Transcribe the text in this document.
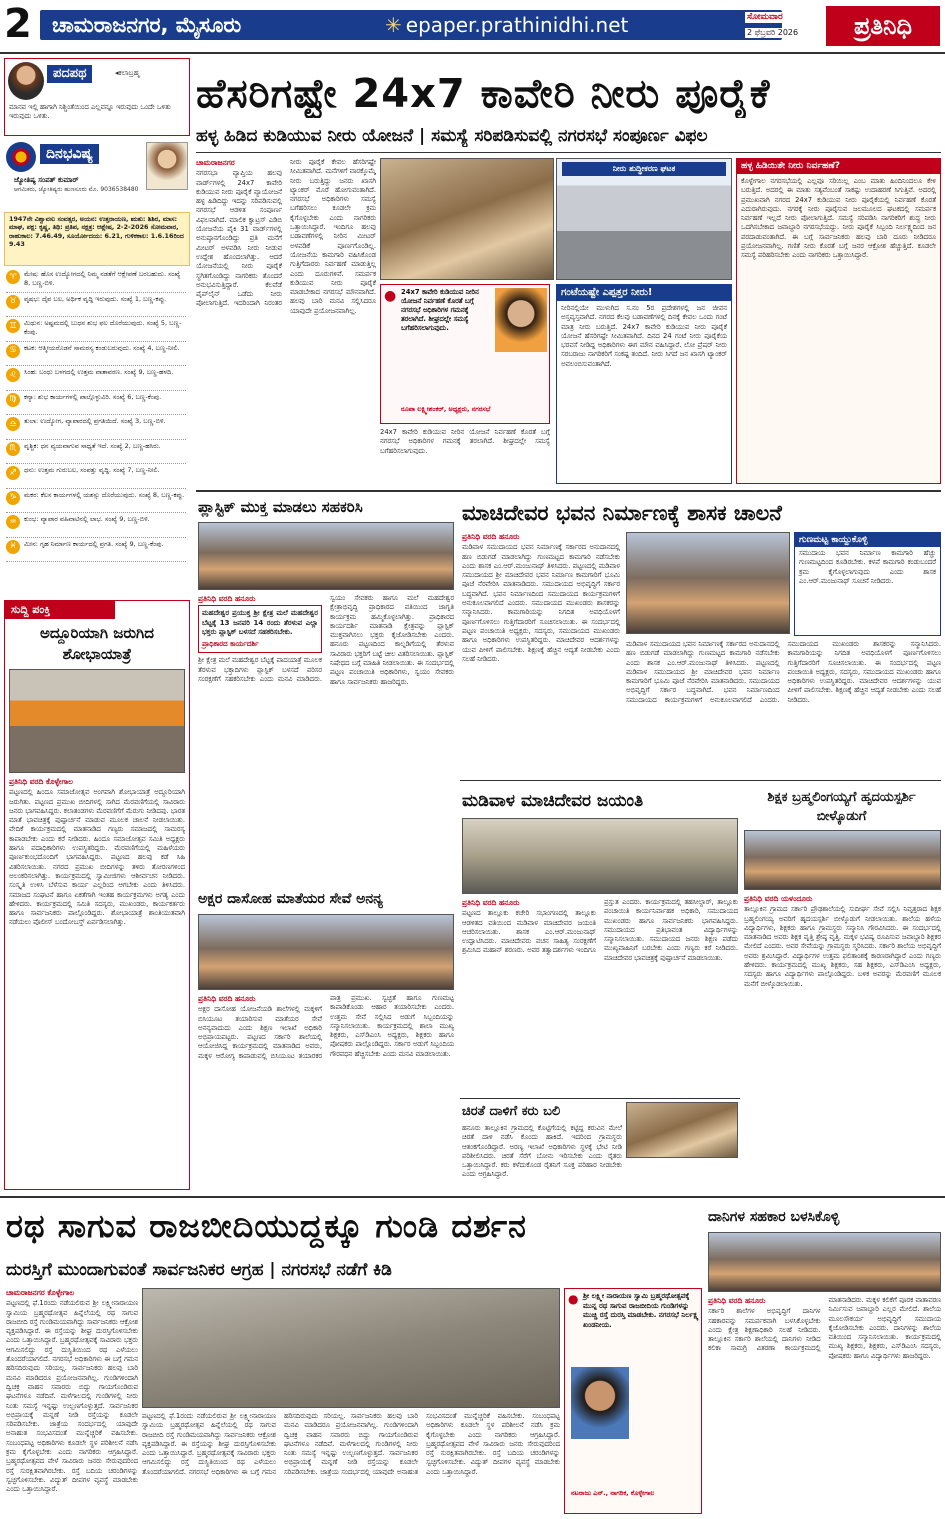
2 ಚಾಮರಾಜನಗರ, ಮೈಸೂರು	✳ epaper.prathinidhi.net	ಸೋಮವಾರ
2 ಫೆಬ್ರವರಿ 2026	ಪ್ರತಿನಿಧಿ
ಪದಪಥ	◂ಕಲಾಬ್ರಹ್ಮ
ಮಾನವ ಇಲ್ಲಿ ಹಾಗಾಗಿ ನಿಶ್ಚಿಂತೆಯಿಂದ ಎಲ್ಲವನ್ನೂ ಇರುವುದು ಒಂದೇ ಒಳಿತು ಇರುವುದು ಒಳಿತು.
ದಿನಭವಿಷ್ಯ
ಜ್ಯೋತಿಷ್ಯ ಸಂಪತ್ ಕುಮಾರ್
ಆಗಮಿಕರು, ಜ್ಯೋತಿಷ್ಯರು ಹುಣಸೂರು ಮೊ. 9036538480
1947ನೇ ವಿಶ್ವಾವಸು ಸಂವತ್ಸರ, ಅಯನ: ಉತ್ತರಾಯಣ, ಋತು: ಶಿಶಿರ, ಮಾಸ: ಮಾಘ, ಪಕ್ಷ: ಕೃಷ್ಣ, ತಿಥಿ: ಪ್ರತಿಪ, ನಕ್ಷತ್ರ: ಆಶ್ಲೇಷ, 2-2-2026 ಸೋಮವಾರ, ರಾಹುಕಾಲ: 7.46.49, ಸೂರ್ಯೋದಯ: 6.21, ಗುಳಿಕಕಾಲ: 1.6.16ರಿಂದ 9.43
♈	ಮೇಷ: ಹೊಸ ಉದ್ಯೋಗದಲ್ಲಿ ನಿಮ್ಮ ನಡತೆಗೆ ಆಕ್ಷೇಪಣೆ ಬರಬಹುದು. ಸಂಖ್ಯೆ 8, ಬಣ್ಣ-ಬಿಳಿ.
♉	ವೃಷಭ: ದೈವ ಬಲ, ಅರ್ಥಿಕ ವೃದ್ಧಿ ಇರುವುದು. ಸಂಖ್ಯೆ 1, ಬಣ್ಣ-ಕಪ್ಪು.
♊	ಮಿಥುನ: ಅಷ್ಟಮದಲ್ಲಿ ಬುಧನ ಶುಭ ಫಲ ದೊರೆಯುವುದು. ಸಂಖ್ಯೆ 5, ಬಣ್ಣ-ಕೆಂಪು.
♋	ಕಟಕ: ಆತ್ಮೀಯರೊಡನೆ ಸಾಮರಸ್ಯ ಕಂಡುಬರುವುದು. ಸಂಖ್ಯೆ 4, ಬಣ್ಣ-ನೀಲಿ.
♌	ಸಿಂಹ: ಬಂಧು ಬಳಗದಲ್ಲಿ ಉತ್ತಮ ವಾತಾವರಣ. ಸಂಖ್ಯೆ 9, ಬಣ್ಣ-ಹಳದಿ.
♍	ಕನ್ಯಾ: ಶುಭ ಕಾರ್ಯಗಳಲ್ಲಿ ಪಾಲ್ಗೊಳ್ಳುವಿರಿ. ಸಂಖ್ಯೆ 6, ಬಣ್ಣ-ಕೆಂಪು.
♎	ತುಲಾ: ಉದ್ಯೋಗ, ವ್ಯಾಪಾರದಲ್ಲಿ ಪ್ರಗತಿಯಿದೆ. ಸಂಖ್ಯೆ 3, ಬಣ್ಣ-ಬಿಳಿ.
♏	ವೃಶ್ಚಿಕ: ಧನ ವ್ಯಯವಾಗುವ ಸಾಧ್ಯತೆ ಇದೆ. ಸಂಖ್ಯೆ 2, ಬಣ್ಣ-ಹಸಿರು.
♐	ಧನು: ಉತ್ತಮ ಗುರುಬಲ, ಸಂಪತ್ತು ವೃದ್ಧಿ. ಸಂಖ್ಯೆ 7, ಬಣ್ಣ-ನೀಲಿ.
♑	ಮಕರ: ಕೆಲಸ ಕಾರ್ಯಗಳಲ್ಲಿ ಯಶಸ್ಸು ದೊರೆಯುವುದು. ಸಂಖ್ಯೆ 8, ಬಣ್ಣ-ಕಪ್ಪು.
♒	ಕುಂಭ: ವ್ಯಾಪಾರ ವಹಿವಾಟಿನಲ್ಲಿ ಲಾಭ. ಸಂಖ್ಯೆ 9, ಬಣ್ಣ-ಬಿಳಿ.
♓	ಮೀನ: ಗೃಹ ನಿರ್ಮಾಣ ಕಾರ್ಯದಲ್ಲಿ ಪ್ರಗತಿ. ಸಂಖ್ಯೆ 9, ಬಣ್ಣ-ಕೆಂಪು.
ಹೆಸರಿಗಷ್ಟೇ 24x7 ಕಾವೇರಿ ನೀರು ಪೂರೈಕೆ
ಹಳ್ಳ ಹಿಡಿದ ಕುಡಿಯುವ ನೀರು ಯೋಜನೆ | ಸಮಸ್ಯೆ ಸರಿಪಡಿಸುವಲ್ಲಿ ನಗರಸಭೆ ಸಂಪೂರ್ಣ ವಿಫಲ
ಚಾಮರಾಜನಗರ

ನಗರಸಭಾ ವ್ಯಾಪ್ತಿಯ ಹಲವು ವಾರ್ಡ್‌ಗಳಲ್ಲಿ 24x7 ಕಾವೇರಿ ಕುಡಿಯುವ ನೀರು ಪೂರೈಕೆ ವ್ಯಾಯೋಜನೆ ಹಳ್ಳ ಹಿಡಿದಿದ್ದು ಇದನ್ನು ಸರಿಪಡಿಸುವಲ್ಲಿ ನಗರಸಭೆ ಆಡಳಿತ ಸಂಪೂರ್ಣ ವಿಫಲವಾಗಿದೆ. ಮಾಲಿಕ ಕ್ವಾಟ್ರಸ್ ಎಡಿಬಿ ಯೋಜನೆಯ ಪೈಕಿ 31 ವಾರ್ಡ್‌ಗಳಲ್ಲಿ ಅನುಷ್ಠಾನಗೊಂಡಿದ್ದು ಪ್ರತಿ ಮನೆಗೆ ಮೀಟರ್ ಅಳವಡಿಸಿ ನೀರು ನೀಡುವ ಉದ್ದೇಶ ಹೊಂದಲಾಗಿತ್ತು. ಆದರೆ ಯೋಜನೆಯಲ್ಲಿ ನೀರು ಪೂರೈಕೆ ಸ್ಥಗಿತಗೊಂಡಿದ್ದು ನಾಗರಿಕರು ತೊಂದರೆ ಅನುಭವಿಸುತ್ತಿದ್ದಾರೆ. ಕೆಲವೆಡೆ ಪೈಪ್‌ಲೈನ್ ಒಡೆದು ನೀರು ಪೋಲಾಗುತ್ತಿದೆ. ಇದರಿಂದಾಗಿ ನಿರಂತರ ನೀರು ಪೂರೈಕೆ ಕೇವಲ ಹೆಸರಿಗಷ್ಟೇ ಸೀಮಿತವಾಗಿದೆ. ಮನೆಗಳಿಗೆ ವಾರಕ್ಕೊಮ್ಮೆ ನೀರು ಬರುತ್ತಿದ್ದು ಜನರು ಖಾಸಗಿ ಟ್ಯಾಂಕರ್ ಮೊರೆ ಹೋಗುವಂತಾಗಿದೆ. ನಗರಸಭೆ ಅಧಿಕಾರಿಗಳು ಸಮಸ್ಯೆ ಬಗೆಹರಿಸಲು ಕೂಡಲೇ ಕ್ರಮ ಕೈಗೊಳ್ಳಬೇಕು ಎಂದು ನಾಗರಿಕರು ಒತ್ತಾಯಿಸಿದ್ದಾರೆ. ಇಂದಿಗೂ ಹಲವು ಬಡಾವಣೆಗಳಲ್ಲಿ ನೀರಿನ ಮೀಟರ್ ಅಳವಡಿಕೆ ಪೂರ್ಣಗೊಂಡಿಲ್ಲ. ಯೋಜನೆಯ ಕಾಮಗಾರಿ ವಹಿಸಿಕೊಂಡ ಗುತ್ತಿಗೆದಾರರು ನಿರ್ವಹಣೆ ಮಾಡುತ್ತಿಲ್ಲ ಎಂದು ದೂರುಗಳಿವೆ. ಸಮರ್ಪಕ ಕುಡಿಯುವ ನೀರು ಪೂರೈಕೆ ಮಾಡಬೇಕಾದ ನಗರಸಭೆ ಮೌನವಾಗಿದೆ. ಹಲವು ಬಾರಿ ಮನವಿ ಸಲ್ಲಿಸಿದರೂ ಯಾವುದೇ ಪ್ರಯೋಜನವಾಗಿಲ್ಲ.

ನೀರು ಶುದ್ಧೀಕರಣ ಘಟಕ
● 24x7 ಕಾವೇರಿ ಕುಡಿಯುವ ನೀರಿನ ಯೋಜನೆ ನಿರ್ವಹಣೆ ಕೊರತೆ ಬಗ್ಗೆ ನಗರಸಭೆ ಅಧಿಕಾರಿಗಳ ಗಮನಕ್ಕೆ ತರಲಾಗಿದೆ. ಶೀಘ್ರದಲ್ಲೇ ಸಮಸ್ಯೆ ಬಗೆಹರಿಸಲಾಗುವುದು.
ರೂಪಾ ಲಕ್ಷ್ಮೀಶಂಕರ್, ಅಧ್ಯಕ್ಷರು, ನಗರಸಭೆ
ಗಂಟೆಯಷ್ಟೇ ಎಪ್ಪತ್ತರ ನೀರು!
ನೀರಿನಲ್ಲಿಯೇ ಮುಳುಗಿದ ಸ.ನಂ 5ರ ಪ್ರದೇಶಗಳಲ್ಲಿ ಜನ ಜೀವನ ಅಸ್ತವ್ಯಸ್ತವಾಗಿದೆ. ನಗರದ ಕೆಲವು ಬಡಾವಣೆಗಳಲ್ಲಿ ದಿನಕ್ಕೆ ಕೇವಲ ಒಂದು ಗಂಟೆ ಮಾತ್ರ ನೀರು ಬರುತ್ತಿದೆ. 24x7 ಕಾವೇರಿ ಕುಡಿಯುವ ನೀರು ಪೂರೈಕೆ ಯೋಜನೆ ಹೆಸರಿಗಷ್ಟೇ ಸೀಮಿತವಾಗಿದೆ. ದಿನದ 24 ಗಂಟೆ ನೀರು ಪೂರೈಕೆಯ ಭರವಸೆ ನೀಡಿದ್ದ ಅಧಿಕಾರಿಗಳು ಈಗ ಮೌನ ವಹಿಸಿದ್ದಾರೆ. ಲೋ ಪ್ರೆಷರ್ ನೀರು ಸರಬರಾಜು ನಾಗರಿಕರಿಗೆ ಸಂಕಷ್ಟ ತಂದಿದೆ. ನೀರು ಸಿಗದೆ ಜನ ಖಾಸಗಿ ಟ್ಯಾಂಕರ್ ಅವಲಂಬಿಸುವಂತಾಗಿದೆ.

24x7 ಕಾವೇರಿ ಕುಡಿಯುವ ನೀರಿನ ಯೋಜನೆ ನಿರ್ವಹಣೆ ಕೊರತೆ ಬಗ್ಗೆ ನಗರಸಭೆ ಅಧಿಕಾರಿಗಳ ಗಮನಕ್ಕೆ ತರಲಾಗಿದೆ. ಶೀಘ್ರದಲ್ಲೇ ಸಮಸ್ಯೆ ಬಗೆಹರಿಸಲಾಗುವುದು.

ಹಳ್ಳ ಹಿಡಿಯಿತೇ ನೀರು ನಿರ್ವಹಣೆ?
ಕೊಳ್ಳೇಗಾಲ ನಗರಸಭೆಯಲ್ಲಿ ಎಲ್ಲವೂ ಸರಿಯಿಲ್ಲ ಎಂಬ ಮಾತು ಹಿಂದಿನಿಂದಲೂ ಕೇಳಿ ಬರುತ್ತಿದೆ. ಅದರಲ್ಲಿ ಈ ಮಾತು ಸತ್ಯವೆಂಬಂತೆ ಸಾಕಷ್ಟು ಉದಾಹರಣೆ ಸಿಗುತ್ತಿವೆ. ಅದರಲ್ಲಿ ಪ್ರಮುಖವಾಗಿ ನಗರದ 24x7 ಕುಡಿಯುವ ನೀರು ಪೂರೈಕೆಯಲ್ಲಿ ನಿರ್ವಹಣೆ ಕೊರತೆ ಎದುರಾಗಿರುವುದು. ನಗರಕ್ಕೆ ನೀರು ಪೂರೈಸುವ ಜಲಮೂಲದ ಘಟಕದಲ್ಲಿ ಸಮರ್ಪಕ ನಿರ್ವಹಣೆ ಇಲ್ಲದೆ ನೀರು ಪೋಲಾಗುತ್ತಿದೆ. ಸಮಸ್ಯೆ ಸರಿಪಡಿಸಿ ನಾಗರಿಕರಿಗೆ ಶುದ್ಧ ನೀರು ಒದಗಿಸಬೇಕಾದ ಜವಾಬ್ದಾರಿ ನಗರಸಭೆಯದ್ದು. ನೀರು ಪೂರೈಕೆ ಸಿಬ್ಬಂದಿ ನಿರ್ಲಕ್ಷ್ಯದಿಂದ ಜನ ಪರದಾಡುವಂತಾಗಿದೆ. ಈ ಬಗ್ಗೆ ಸಾರ್ವಜನಿಕರು ಹಲವು ಬಾರಿ ದೂರು ನೀಡಿದರೂ ಪ್ರಯೋಜನವಾಗಿಲ್ಲ. ಗಣಿತೆ ನೀರು ಕೊರತೆ ಬಗ್ಗೆ ಜನರ ಆಕ್ರೋಶ ಹೆಚ್ಚುತ್ತಿದೆ. ಕೂಡಲೇ ಸಮಸ್ಯೆ ಪರಿಹರಿಸಬೇಕು ಎಂದು ನಾಗರಿಕರು ಒತ್ತಾಯಿಸಿದ್ದಾರೆ.
ಪ್ಲಾಸ್ಟಿಕ್ ಮುಕ್ತ ಮಾಡಲು ಸಹಕರಿಸಿ
ಪ್ರತಿನಿಧಿ ವರದಿ ಹನೂರು
ಮಹದೇಶ್ವರ ಪ್ರಯುಕ್ತ ಶ್ರೀ ಕ್ಷೇತ್ರ ಮಲೆ ಮಹದೇಶ್ವರ ಬೆಟ್ಟಕ್ಕೆ 13 ಜನವರಿ 14 ರಂದು ತೆರಳುವ ಎಲ್ಲಾ ಭಕ್ತರು ಪ್ಲಾಸ್ಟಿಕ್ ಬಳಸದೆ ಸಹಕರಿಸಬೇಕು.
ಪ್ರಾಧಿಕಾರದ ಕಾರ್ಯದರ್ಶಿ

ಶ್ರೀ ಕ್ಷೇತ್ರ ಮಲೆ ಮಹದೇಶ್ವರ ಬೆಟ್ಟಕ್ಕೆ ಪಾದಯಾತ್ರೆ ಮೂಲಕ ತೆರಳುವ ಭಕ್ತಾದಿಗಳು ಪ್ಲಾಸ್ಟಿಕ್ ಬಳಸದೆ ಪರಿಸರ ಸಂರಕ್ಷಣೆಗೆ ಸಹಕರಿಸಬೇಕು ಎಂದು ಮನವಿ ಮಾಡಿದರು. ಸ್ವಯಂ ಸೇವಕರು ಹಾಗೂ ಮಲೆ ಮಹದೇಶ್ವರ ಕ್ಷೇತ್ರಾಭಿವೃದ್ಧಿ ಪ್ರಾಧಿಕಾರದ ವತಿಯಿಂದ ಜಾಗೃತಿ ಕಾರ್ಯಕ್ರಮ ಹಮ್ಮಿಕೊಳ್ಳಲಾಗಿತ್ತು. ಪ್ರಾಧಿಕಾರದ ಕಾರ್ಯದರ್ಶಿ ಮಾತನಾಡಿ ಕ್ಷೇತ್ರವನ್ನು ಪ್ಲಾಸ್ಟಿಕ್ ಮುಕ್ತವಾಗಿಸಲು ಭಕ್ತರು ಕೈಜೋಡಿಸಬೇಕು ಎಂದರು. ಹನೂರು ಪಟ್ಟಣದಿಂದ ಕಾಲ್ನಡಿಗೆಯಲ್ಲಿ ತೆರಳುವ ಸಾವಿರಾರು ಭಕ್ತರಿಗೆ ಬಟ್ಟೆ ಚೀಲ ವಿತರಿಸಲಾಯಿತು. ಪ್ಲಾಸ್ಟಿಕ್ ನಿಷೇಧದ ಬಗ್ಗೆ ಮಾಹಿತಿ ನೀಡಲಾಯಿತು. ಈ ಸಂದರ್ಭದಲ್ಲಿ ಪಟ್ಟಣ ಪಂಚಾಯಿತಿ ಅಧಿಕಾರಿಗಳು, ಸ್ವಯಂ ಸೇವಕರು ಹಾಗೂ ಸಾರ್ವಜನಿಕರು ಹಾಜರಿದ್ದರು.

ಸುದ್ದಿ ಪಂಕ್ತಿ
ಅದ್ದೂರಿಯಾಗಿ ಜರುಗಿದ ಶೋಭಾಯಾತ್ರೆ
ಪ್ರತಿನಿಧಿ ವರದಿ ಕೊಳ್ಳೇಗಾಲ

ಪಟ್ಟಣದಲ್ಲಿ ಹಿಂದೂ ಸಮಾಜೋತ್ಸವ ಅಂಗವಾಗಿ ಶೋಭಾಯಾತ್ರೆ ಅದ್ದೂರಿಯಾಗಿ ಜರುಗಿತು. ಪಟ್ಟಣದ ಪ್ರಮುಖ ಬೀದಿಗಳಲ್ಲಿ ಸಾಗಿದ ಮೆರವಣಿಗೆಯಲ್ಲಿ ಸಾವಿರಾರು ಜನರು ಭಾಗವಹಿಸಿದ್ದರು. ಕಲಾತಂಡಗಳು ಮೆರವಣಿಗೆಗೆ ಮೆರುಗು ನೀಡಿದವು. ಭಾರತ ಮಾತೆ ಭಾವಚಿತ್ರಕ್ಕೆ ಪುಷ್ಪಾರ್ಚನೆ ಮಾಡುವ ಮೂಲಕ ಚಾಲನೆ ನೀಡಲಾಯಿತು. ವೇದಿಕೆ ಕಾರ್ಯಕ್ರಮದಲ್ಲಿ ಮಾತನಾಡಿದ ಗಣ್ಯರು ಸಮಾಜದಲ್ಲಿ ಸಾಮರಸ್ಯ ಕಾಪಾಡಬೇಕು ಎಂದು ಕರೆ ನೀಡಿದರು. ಹಿಂದೂ ಸಮಾಜೋತ್ಸವ ಸಮಿತಿ ಅಧ್ಯಕ್ಷರು ಹಾಗೂ ಪದಾಧಿಕಾರಿಗಳು ಉಪಸ್ಥಿತರಿದ್ದರು. ಮೆರವಣಿಗೆಯಲ್ಲಿ ಮಹಿಳೆಯರು ಪೂರ್ಣಕುಂಭದೊಂದಿಗೆ ಭಾಗವಹಿಸಿದ್ದರು. ಪಟ್ಟಣದ ಹಲವು ಕಡೆ ಸಿಹಿ ವಿತರಿಸಲಾಯಿತು. ನಗರದ ಪ್ರಮುಖ ಬೀದಿಗಳನ್ನು ತಳಿರು ತೋರಣಗಳಿಂದ ಅಲಂಕರಿಸಲಾಗಿತ್ತು. ಕಾರ್ಯಕ್ರಮದಲ್ಲಿ ಸ್ವಾಮೀಜಿಗಳು ಆಶೀರ್ವಚನ ನೀಡಿದರು. ಸಂಸ್ಕೃತಿ ಉಳಿಸಿ ಬೆಳೆಸುವ ಕಾರ್ಯ ಎಲ್ಲರಿಂದ ಆಗಬೇಕು ಎಂದು ತಿಳಿಸಿದರು. ಸಮಾಜದ ಸಂಘಟನೆ ಹಾಗೂ ಏಕತೆಗಾಗಿ ಇಂತಹ ಕಾರ್ಯಕ್ರಮಗಳು ಅಗತ್ಯ ಎಂದು ಹೇಳಿದರು. ಕಾರ್ಯಕ್ರಮದಲ್ಲಿ ಸಮಿತಿ ಸದಸ್ಯರು, ಮುಖಂಡರು, ಕಾರ್ಯಕರ್ತರು ಹಾಗೂ ಸಾರ್ವಜನಿಕರು ಪಾಲ್ಗೊಂಡಿದ್ದರು. ಶೋಭಾಯಾತ್ರೆ ಶಾಂತಿಯುತವಾಗಿ ನಡೆಯಲು ಪೊಲೀಸ್ ಬಂದೋಬಸ್ತ್ ಏರ್ಪಡಿಸಲಾಗಿತ್ತು.

ಮಾಚಿದೇವರ ಭವನ ನಿರ್ಮಾಣಕ್ಕೆ ಶಾಸಕ ಚಾಲನೆ
ಪ್ರತಿನಿಧಿ ವರದಿ ಹನೂರು

ಮಡಿವಾಳ ಸಮುದಾಯದ ಭವನ ನಿರ್ಮಾಣಕ್ಕೆ ಸರ್ಕಾರದ ಅನುದಾನದಲ್ಲಿ ಹಣ ಬಿಡುಗಡೆ ಮಾಡಲಾಗಿದ್ದು ಗುಣಮಟ್ಟದ ಕಾಮಗಾರಿ ನಡೆಸಬೇಕು ಎಂದು ಶಾಸಕ ಎಂ.ಆರ್.ಮಂಜುನಾಥ್ ತಿಳಿಸಿದರು. ಪಟ್ಟಣದಲ್ಲಿ ಮಡಿವಾಳ ಸಮುದಾಯದ ಶ್ರೀ ಮಾಚಿದೇವರ ಭವನ ನಿರ್ಮಾಣ ಕಾಮಗಾರಿಗೆ ಭೂಮಿ ಪೂಜೆ ನೆರವೇರಿಸಿ ಮಾತನಾಡಿದರು. ಸಮುದಾಯದ ಅಭಿವೃದ್ಧಿಗೆ ಸರ್ಕಾರ ಬದ್ಧವಾಗಿದೆ. ಭವನ ನಿರ್ಮಾಣದಿಂದ ಸಮುದಾಯದ ಕಾರ್ಯಕ್ರಮಗಳಿಗೆ ಅನುಕೂಲವಾಗಲಿದೆ ಎಂದರು. ಸಮುದಾಯದ ಮುಖಂಡರು ಶಾಸಕರನ್ನು ಸನ್ಮಾನಿಸಿದರು. ಕಾಮಗಾರಿಯನ್ನು ನಿಗದಿತ ಅವಧಿಯೊಳಗೆ ಪೂರ್ಣಗೊಳಿಸಲು ಗುತ್ತಿಗೆದಾರರಿಗೆ ಸೂಚಿಸಲಾಯಿತು. ಈ ಸಂದರ್ಭದಲ್ಲಿ ಪಟ್ಟಣ ಪಂಚಾಯಿತಿ ಅಧ್ಯಕ್ಷರು, ಸದಸ್ಯರು, ಸಮುದಾಯದ ಮುಖಂಡರು ಹಾಗೂ ಅಧಿಕಾರಿಗಳು ಉಪಸ್ಥಿತರಿದ್ದರು. ಮಾಚಿದೇವರ ಆದರ್ಶಗಳನ್ನು ಯುವ ಪೀಳಿಗೆ ಪಾಲಿಸಬೇಕು. ಶಿಕ್ಷಣಕ್ಕೆ ಹೆಚ್ಚಿನ ಆದ್ಯತೆ ನೀಡಬೇಕು ಎಂದು ಸಲಹೆ ನೀಡಿದರು.

ಗುಣಮಟ್ಟ ಕಾಯ್ದುಕೊಳ್ಳಿ
ಸಮುದಾಯ ಭವನ ನಿರ್ಮಾಣ ಕಾಮಗಾರಿ ಹೆಚ್ಚು ಗುಣಮಟ್ಟದಿಂದ ಕೂಡಿರಬೇಕು. ಕಳಪೆ ಕಾಮಗಾರಿ ಕಂಡುಬಂದರೆ ಕ್ರಮ ಕೈಗೊಳ್ಳಲಾಗುವುದು ಎಂದು ಶಾಸಕ ಎಂ.ಆರ್.ಮಂಜುನಾಥ್ ಸೂಚನೆ ನೀಡಿದರು.

ಮಡಿವಾಳ ಸಮುದಾಯದ ಭವನ ನಿರ್ಮಾಣಕ್ಕೆ ಸರ್ಕಾರದ ಅನುದಾನದಲ್ಲಿ ಹಣ ಬಿಡುಗಡೆ ಮಾಡಲಾಗಿದ್ದು ಗುಣಮಟ್ಟದ ಕಾಮಗಾರಿ ನಡೆಸಬೇಕು ಎಂದು ಶಾಸಕ ಎಂ.ಆರ್.ಮಂಜುನಾಥ್ ತಿಳಿಸಿದರು. ಪಟ್ಟಣದಲ್ಲಿ ಮಡಿವಾಳ ಸಮುದಾಯದ ಶ್ರೀ ಮಾಚಿದೇವರ ಭವನ ನಿರ್ಮಾಣ ಕಾಮಗಾರಿಗೆ ಭೂಮಿ ಪೂಜೆ ನೆರವೇರಿಸಿ ಮಾತನಾಡಿದರು. ಸಮುದಾಯದ ಅಭಿವೃದ್ಧಿಗೆ ಸರ್ಕಾರ ಬದ್ಧವಾಗಿದೆ. ಭವನ ನಿರ್ಮಾಣದಿಂದ ಸಮುದಾಯದ ಕಾರ್ಯಕ್ರಮಗಳಿಗೆ ಅನುಕೂಲವಾಗಲಿದೆ ಎಂದರು. ಸಮುದಾಯದ ಮುಖಂಡರು ಶಾಸಕರನ್ನು ಸನ್ಮಾನಿಸಿದರು. ಕಾಮಗಾರಿಯನ್ನು ನಿಗದಿತ ಅವಧಿಯೊಳಗೆ ಪೂರ್ಣಗೊಳಿಸಲು ಗುತ್ತಿಗೆದಾರರಿಗೆ ಸೂಚಿಸಲಾಯಿತು. ಈ ಸಂದರ್ಭದಲ್ಲಿ ಪಟ್ಟಣ ಪಂಚಾಯಿತಿ ಅಧ್ಯಕ್ಷರು, ಸದಸ್ಯರು, ಸಮುದಾಯದ ಮುಖಂಡರು ಹಾಗೂ ಅಧಿಕಾರಿಗಳು ಉಪಸ್ಥಿತರಿದ್ದರು. ಮಾಚಿದೇವರ ಆದರ್ಶಗಳನ್ನು ಯುವ ಪೀಳಿಗೆ ಪಾಲಿಸಬೇಕು. ಶಿಕ್ಷಣಕ್ಕೆ ಹೆಚ್ಚಿನ ಆದ್ಯತೆ ನೀಡಬೇಕು ಎಂದು ಸಲಹೆ ನೀಡಿದರು.

ಅಕ್ಷರ ದಾಸೋಹ ಮಾತೆಯರ ಸೇವೆ ಅನನ್ಯ
ಪ್ರತಿನಿಧಿ ವರದಿ ಹನೂರು

ಅಕ್ಷರ ದಾಸೋಹ ಯೋಜನೆಯಡಿ ಶಾಲೆಗಳಲ್ಲಿ ಮಕ್ಕಳಿಗೆ ಬಿಸಿಯೂಟ ತಯಾರಿಸುವ ಮಾತೆಯರ ಸೇವೆ ಅನನ್ಯವಾದುದು ಎಂದು ಶಿಕ್ಷಣ ಇಲಾಖೆ ಅಧಿಕಾರಿ ಅಭಿಪ್ರಾಯಪಟ್ಟರು. ಪಟ್ಟಣದ ಸರ್ಕಾರಿ ಶಾಲೆಯಲ್ಲಿ ಆಯೋಜಿಸಿದ್ದ ಕಾರ್ಯಕ್ರಮದಲ್ಲಿ ಮಾತನಾಡಿದ ಅವರು, ಮಕ್ಕಳ ಆರೋಗ್ಯ ಕಾಪಾಡುವಲ್ಲಿ ಬಿಸಿಯೂಟ ತಯಾರಕರ ಪಾತ್ರ ಪ್ರಮುಖ. ಸ್ವಚ್ಛತೆ ಹಾಗೂ ಗುಣಮಟ್ಟ ಕಾಪಾಡಿಕೊಂಡು ಆಹಾರ ತಯಾರಿಸಬೇಕು ಎಂದರು. ಉತ್ತಮ ಸೇವೆ ಸಲ್ಲಿಸಿದ ಅಡುಗೆ ಸಿಬ್ಬಂದಿಯನ್ನು ಸನ್ಮಾನಿಸಲಾಯಿತು. ಕಾರ್ಯಕ್ರಮದಲ್ಲಿ ಶಾಲಾ ಮುಖ್ಯ ಶಿಕ್ಷಕರು, ಎಸ್‌ಡಿಎಂಸಿ ಅಧ್ಯಕ್ಷರು, ಶಿಕ್ಷಕರು ಹಾಗೂ ಪೋಷಕರು ಪಾಲ್ಗೊಂಡಿದ್ದರು. ಸರ್ಕಾರ ಅಡುಗೆ ಸಿಬ್ಬಂದಿಯ ಗೌರವಧನ ಹೆಚ್ಚಿಸಬೇಕು ಎಂದು ಮನವಿ ಮಾಡಲಾಯಿತು.

ಮಡಿವಾಳ ಮಾಚಿದೇವರ ಜಯಂತಿ
ಪ್ರತಿನಿಧಿ ವರದಿ ಹನೂರು

ಪಟ್ಟಣದ ತಾಲ್ಲೂಕು ಕಚೇರಿ ಸಭಾಂಗಣದಲ್ಲಿ ತಾಲ್ಲೂಕು ಆಡಳಿತದ ವತಿಯಿಂದ ಮಡಿವಾಳ ಮಾಚಿದೇವರ ಜಯಂತಿ ಆಚರಿಸಲಾಯಿತು. ಶಾಸಕ ಎಂ.ಆರ್.ಮಂಜುನಾಥ್ ಉದ್ಘಾಟಿಸಿದರು. ಮಾಚಿದೇವರು ವಚನ ಸಾಹಿತ್ಯ ಸಂರಕ್ಷಣೆಗೆ ಶ್ರಮಿಸಿದ ಮಹಾನ್ ಶರಣರು. ಅವರ ತತ್ವಾದರ್ಶಗಳು ಇಂದಿಗೂ ಪ್ರಸ್ತುತ ಎಂದರು. ಕಾರ್ಯಕ್ರಮದಲ್ಲಿ ತಹಸೀಲ್ದಾರ್, ತಾಲ್ಲೂಕು ಪಂಚಾಯಿತಿ ಕಾರ್ಯನಿರ್ವಾಹಕ ಅಧಿಕಾರಿ, ಸಮುದಾಯದ ಮುಖಂಡರು ಹಾಗೂ ಸಾರ್ವಜನಿಕರು ಭಾಗವಹಿಸಿದ್ದರು. ಸಮುದಾಯದ ಪ್ರತಿಭಾವಂತ ವಿದ್ಯಾರ್ಥಿಗಳನ್ನು ಸನ್ಮಾನಿಸಲಾಯಿತು. ಸಮುದಾಯದ ಜನರು ಶಿಕ್ಷಣ ಪಡೆದು ಮುಖ್ಯವಾಹಿನಿಗೆ ಬರಬೇಕು ಎಂದು ಗಣ್ಯರು ಕರೆ ನೀಡಿದರು. ಮಾಚಿದೇವರ ಭಾವಚಿತ್ರಕ್ಕೆ ಪುಷ್ಪಾರ್ಚನೆ ಮಾಡಲಾಯಿತು.

ಶಿಕ್ಷಕ ಬ್ರಹ್ಮಲಿಂಗಯ್ಯಗೆ ಹೃದಯಸ್ಪರ್ಶಿ ಬೀಳ್ಕೊಡುಗೆ
ಪ್ರತಿನಿಧಿ ವರದಿ ಯಳಂದೂರು

ತಾಲ್ಲೂಕಿನ ಗ್ರಾಮದ ಸರ್ಕಾರಿ ಪ್ರೌಢಶಾಲೆಯಲ್ಲಿ ಸುದೀರ್ಘ ಸೇವೆ ಸಲ್ಲಿಸಿ ನಿವೃತ್ತರಾದ ಶಿಕ್ಷಕ ಬ್ರಹ್ಮಲಿಂಗಯ್ಯ ಅವರಿಗೆ ಹೃದಯಸ್ಪರ್ಶಿ ಬೀಳ್ಕೊಡುಗೆ ನೀಡಲಾಯಿತು. ಶಾಲೆಯ ಹಳೆಯ ವಿದ್ಯಾರ್ಥಿಗಳು, ಶಿಕ್ಷಕರು ಹಾಗೂ ಗ್ರಾಮಸ್ಥರು ಸನ್ಮಾನಿಸಿ ಗೌರವಿಸಿದರು. ಈ ಸಂದರ್ಭದಲ್ಲಿ ಮಾತನಾಡಿದ ಅವರು ಶಿಕ್ಷಕ ವೃತ್ತಿ ಶ್ರೇಷ್ಠ ವೃತ್ತಿ. ಮಕ್ಕಳ ಭವಿಷ್ಯ ರೂಪಿಸುವ ಜವಾಬ್ದಾರಿ ಶಿಕ್ಷಕರ ಮೇಲಿದೆ ಎಂದರು. ಅವರ ಸೇವೆಯನ್ನು ಗ್ರಾಮಸ್ಥರು ಸ್ಮರಿಸಿದರು. ಸರ್ಕಾರಿ ಶಾಲೆಯ ಅಭಿವೃದ್ಧಿಗೆ ಅವರು ಶ್ರಮಿಸಿದ್ದಾರೆ. ವಿದ್ಯಾರ್ಥಿಗಳ ಉತ್ತಮ ಫಲಿತಾಂಶಕ್ಕೆ ಕಾರಣರಾಗಿದ್ದಾರೆ ಎಂದು ಗಣ್ಯರು ಹೇಳಿದರು. ಕಾರ್ಯಕ್ರಮದಲ್ಲಿ ಮುಖ್ಯ ಶಿಕ್ಷಕರು, ಸಹ ಶಿಕ್ಷಕರು, ಎಸ್‌ಡಿಎಂಸಿ ಅಧ್ಯಕ್ಷರು, ಸದಸ್ಯರು ಹಾಗೂ ವಿದ್ಯಾರ್ಥಿಗಳು ಪಾಲ್ಗೊಂಡಿದ್ದರು. ಬಳಿಕ ಅವರನ್ನು ಮೆರವಣಿಗೆ ಮೂಲಕ ಮನೆಗೆ ಬೀಳ್ಕೊಡಲಾಯಿತು.

ಚಿರತೆ ದಾಳಿಗೆ ಕರು ಬಲಿ

ಹನೂರು ತಾಲ್ಲೂಕಿನ ಗ್ರಾಮದಲ್ಲಿ ಕೊಟ್ಟಿಗೆಯಲ್ಲಿ ಕಟ್ಟಿದ್ದ ಕರುವಿನ ಮೇಲೆ ಚಿರತೆ ದಾಳಿ ನಡೆಸಿ ಕೊಂದು ಹಾಕಿದೆ. ಇದರಿಂದ ಗ್ರಾಮಸ್ಥರು ಆತಂಕಗೊಂಡಿದ್ದಾರೆ. ಅರಣ್ಯ ಇಲಾಖೆ ಅಧಿಕಾರಿಗಳು ಸ್ಥಳಕ್ಕೆ ಭೇಟಿ ನೀಡಿ ಪರಿಶೀಲಿಸಿದರು. ಚಿರತೆ ಸೆರೆಗೆ ಬೋನು ಇರಿಸಬೇಕು ಎಂದು ರೈತರು ಒತ್ತಾಯಿಸಿದ್ದಾರೆ. ಕರು ಕಳೆದುಕೊಂಡ ರೈತನಿಗೆ ಸೂಕ್ತ ಪರಿಹಾರ ನೀಡಬೇಕು ಎಂದು ಆಗ್ರಹಿಸಿದ್ದಾರೆ.

ರಥ ಸಾಗುವ ರಾಜಬೀದಿಯುದ್ದಕ್ಕೂ ಗುಂಡಿ ದರ್ಶನ
ದುರಸ್ತಿಗೆ ಮುಂದಾಗುವಂತೆ ಸಾರ್ವಜನಿಕರ ಆಗ್ರಹ | ನಗರಸಭೆ ನಡೆಗೆ ಕಿಡಿ
ಚಾಮರಾಜನಗರ ಕೊಳ್ಳೇಗಾಲ

ಪಟ್ಟಣದಲ್ಲಿ ಫೆ.1ರಂದು ನಡೆಯಲಿರುವ ಶ್ರೀ ಲಕ್ಷ್ಮೀನಾರಾಯಣ ಸ್ವಾಮಿಯ ಬ್ರಹ್ಮರಥೋತ್ಸವ ಹಿನ್ನೆಲೆಯಲ್ಲಿ ರಥ ಸಾಗುವ ರಾಜಬೀದಿ ರಸ್ತೆ ಗುಂಡಿಮಯವಾಗಿದ್ದು ಸಾರ್ವಜನಿಕರು ಆಕ್ರೋಶ ವ್ಯಕ್ತಪಡಿಸಿದ್ದಾರೆ. ಈ ರಸ್ತೆಯನ್ನು ಶೀಘ್ರ ದುರಸ್ತಿಗೊಳಿಸಬೇಕು ಎಂದು ಒತ್ತಾಯಿಸಿದ್ದಾರೆ. ಬ್ರಹ್ಮರಥೋತ್ಸವಕ್ಕೆ ಸಾವಿರಾರು ಭಕ್ತರು ಆಗಮಿಸಲಿದ್ದು ರಸ್ತೆ ದುಸ್ಥಿತಿಯಿಂದ ರಥ ಎಳೆಯಲು ತೊಂದರೆಯಾಗಲಿದೆ. ನಗರಸಭೆ ಅಧಿಕಾರಿಗಳು ಈ ಬಗ್ಗೆ ಗಮನ ಹರಿಸದಿರುವುದು ಸರಿಯಲ್ಲ. ಸಾರ್ವಜನಿಕರು ಹಲವು ಬಾರಿ ಮನವಿ ಮಾಡಿದರೂ ಪ್ರಯೋಜನವಾಗಿಲ್ಲ. ಗುಂಡಿಗಳಿಂದಾಗಿ ದ್ವಿಚಕ್ರ ವಾಹನ ಸವಾರರು ಬಿದ್ದು ಗಾಯಗೊಂಡಿರುವ ಘಟನೆಗಳೂ ನಡೆದಿವೆ. ಮಳೆಗಾಲದಲ್ಲಿ ಗುಂಡಿಗಳಲ್ಲಿ ನೀರು ನಿಂತು ಸಮಸ್ಯೆ ಇನ್ನಷ್ಟು ಉಲ್ಬಣಗೊಳ್ಳುತ್ತದೆ. ಸಾರ್ವಜನಿಕರ ಅಭಿಪ್ರಾಯಕ್ಕೆ ಮನ್ನಣೆ ನೀಡಿ ರಸ್ತೆಯನ್ನು ಕೂಡಲೇ ಸರಿಪಡಿಸಬೇಕು. ಜಾತ್ರೆಯ ಸಂದರ್ಭದಲ್ಲಿ ಯಾವುದೇ ಅನಾಹುತ ಸಂಭವಿಸದಂತೆ ಮುನ್ನೆಚ್ಚರಿಕೆ ವಹಿಸಬೇಕು. ಸಂಬಂಧಪಟ್ಟ ಅಧಿಕಾರಿಗಳು ಕೂಡಲೇ ಸ್ಥಳ ಪರಿಶೀಲನೆ ನಡೆಸಿ ಕ್ರಮ ಕೈಗೊಳ್ಳಬೇಕು ಎಂದು ನಾಗರಿಕರು ಆಗ್ರಹಿಸಿದ್ದಾರೆ. ಬ್ರಹ್ಮರಥೋತ್ಸವದ ವೇಳೆ ಸಾವಿರಾರು ಜನರು ಸೇರುವುದರಿಂದ ರಸ್ತೆ ಸುರಕ್ಷಿತವಾಗಿರಬೇಕು. ರಸ್ತೆ ಬದಿಯ ಚರಂಡಿಗಳನ್ನು ಸ್ವಚ್ಛಗೊಳಿಸಬೇಕು. ವಿದ್ಯುತ್ ದೀಪಗಳ ವ್ಯವಸ್ಥೆ ಮಾಡಬೇಕು ಎಂದು ಒತ್ತಾಯಿಸಿದ್ದಾರೆ.

ಪಟ್ಟಣದಲ್ಲಿ ಫೆ.1ರಂದು ನಡೆಯಲಿರುವ ಶ್ರೀ ಲಕ್ಷ್ಮೀನಾರಾಯಣ ಸ್ವಾಮಿಯ ಬ್ರಹ್ಮರಥೋತ್ಸವ ಹಿನ್ನೆಲೆಯಲ್ಲಿ ರಥ ಸಾಗುವ ರಾಜಬೀದಿ ರಸ್ತೆ ಗುಂಡಿಮಯವಾಗಿದ್ದು ಸಾರ್ವಜನಿಕರು ಆಕ್ರೋಶ ವ್ಯಕ್ತಪಡಿಸಿದ್ದಾರೆ. ಈ ರಸ್ತೆಯನ್ನು ಶೀಘ್ರ ದುರಸ್ತಿಗೊಳಿಸಬೇಕು ಎಂದು ಒತ್ತಾಯಿಸಿದ್ದಾರೆ. ಬ್ರಹ್ಮರಥೋತ್ಸವಕ್ಕೆ ಸಾವಿರಾರು ಭಕ್ತರು ಆಗಮಿಸಲಿದ್ದು ರಸ್ತೆ ದುಸ್ಥಿತಿಯಿಂದ ರಥ ಎಳೆಯಲು ತೊಂದರೆಯಾಗಲಿದೆ. ನಗರಸಭೆ ಅಧಿಕಾರಿಗಳು ಈ ಬಗ್ಗೆ ಗಮನ ಹರಿಸದಿರುವುದು ಸರಿಯಲ್ಲ. ಸಾರ್ವಜನಿಕರು ಹಲವು ಬಾರಿ ಮನವಿ ಮಾಡಿದರೂ ಪ್ರಯೋಜನವಾಗಿಲ್ಲ. ಗುಂಡಿಗಳಿಂದಾಗಿ ದ್ವಿಚಕ್ರ ವಾಹನ ಸವಾರರು ಬಿದ್ದು ಗಾಯಗೊಂಡಿರುವ ಘಟನೆಗಳೂ ನಡೆದಿವೆ. ಮಳೆಗಾಲದಲ್ಲಿ ಗುಂಡಿಗಳಲ್ಲಿ ನೀರು ನಿಂತು ಸಮಸ್ಯೆ ಇನ್ನಷ್ಟು ಉಲ್ಬಣಗೊಳ್ಳುತ್ತದೆ. ಸಾರ್ವಜನಿಕರ ಅಭಿಪ್ರಾಯಕ್ಕೆ ಮನ್ನಣೆ ನೀಡಿ ರಸ್ತೆಯನ್ನು ಕೂಡಲೇ ಸರಿಪಡಿಸಬೇಕು. ಜಾತ್ರೆಯ ಸಂದರ್ಭದಲ್ಲಿ ಯಾವುದೇ ಅನಾಹುತ ಸಂಭವಿಸದಂತೆ ಮುನ್ನೆಚ್ಚರಿಕೆ ವಹಿಸಬೇಕು. ಸಂಬಂಧಪಟ್ಟ ಅಧಿಕಾರಿಗಳು ಕೂಡಲೇ ಸ್ಥಳ ಪರಿಶೀಲನೆ ನಡೆಸಿ ಕ್ರಮ ಕೈಗೊಳ್ಳಬೇಕು ಎಂದು ನಾಗರಿಕರು ಆಗ್ರಹಿಸಿದ್ದಾರೆ. ಬ್ರಹ್ಮರಥೋತ್ಸವದ ವೇಳೆ ಸಾವಿರಾರು ಜನರು ಸೇರುವುದರಿಂದ ರಸ್ತೆ ಸುರಕ್ಷಿತವಾಗಿರಬೇಕು. ರಸ್ತೆ ಬದಿಯ ಚರಂಡಿಗಳನ್ನು ಸ್ವಚ್ಛಗೊಳಿಸಬೇಕು. ವಿದ್ಯುತ್ ದೀಪಗಳ ವ್ಯವಸ್ಥೆ ಮಾಡಬೇಕು ಎಂದು ಒತ್ತಾಯಿಸಿದ್ದಾರೆ.

● ಶ್ರೀ ಲಕ್ಷ್ಮೀ ನಾರಾಯಣ ಸ್ವಾಮಿ ಬ್ರಹ್ಮರಥೋತ್ಸವಕ್ಕೆ ಮುನ್ನ ರಥ ಸಾಗುವ ರಾಜಬೀದಿಯ ಗುಂಡಿಗಳನ್ನು ಮುಚ್ಚಿ ರಸ್ತೆ ದುರಸ್ತಿ ಮಾಡಬೇಕು. ನಗರಸಭೆ ನಿರ್ಲಕ್ಷ್ಯ ಖಂಡನೀಯ.
ನಟರಾಜು ಎನ್., ನಾಗರಿಕ, ಕೊಳ್ಳೇಗಾಲ
ದಾನಿಗಳ ಸಹಕಾರ ಬಳಸಿಕೊಳ್ಳಿ
ಪ್ರತಿನಿಧಿ ವರದಿ ಹನೂರು

ಸರ್ಕಾರಿ ಶಾಲೆಗಳ ಅಭಿವೃದ್ಧಿಗೆ ದಾನಿಗಳ ಸಹಕಾರವನ್ನು ಸಮರ್ಪಕವಾಗಿ ಬಳಸಿಕೊಳ್ಳಬೇಕು ಎಂದು ಕ್ಷೇತ್ರ ಶಿಕ್ಷಣಾಧಿಕಾರಿ ಸಲಹೆ ನೀಡಿದರು. ತಾಲ್ಲೂಕಿನ ಸರ್ಕಾರಿ ಶಾಲೆಯಲ್ಲಿ ದಾನಿಗಳು ನೀಡಿದ ಕಲಿಕಾ ಸಾಮಗ್ರಿ ವಿತರಣಾ ಕಾರ್ಯಕ್ರಮದಲ್ಲಿ ಮಾತನಾಡಿದರು. ಮಕ್ಕಳ ಕಲಿಕೆಗೆ ಪೂರಕ ವಾತಾವರಣ ನಿರ್ಮಿಸುವ ಜವಾಬ್ದಾರಿ ಎಲ್ಲರ ಮೇಲಿದೆ. ಶಾಲೆಯ ಮೂಲಸೌಕರ್ಯ ಅಭಿವೃದ್ಧಿಗೆ ಸಮುದಾಯ ಕೈಜೋಡಿಸಬೇಕು ಎಂದರು. ದಾನಿಗಳನ್ನು ಶಾಲೆಯ ವತಿಯಿಂದ ಸನ್ಮಾನಿಸಲಾಯಿತು. ಕಾರ್ಯಕ್ರಮದಲ್ಲಿ ಮುಖ್ಯ ಶಿಕ್ಷಕರು, ಶಿಕ್ಷಕರು, ಎಸ್‌ಡಿಎಂಸಿ ಸದಸ್ಯರು, ಪೋಷಕರು ಹಾಗೂ ವಿದ್ಯಾರ್ಥಿಗಳು ಹಾಜರಿದ್ದರು.
